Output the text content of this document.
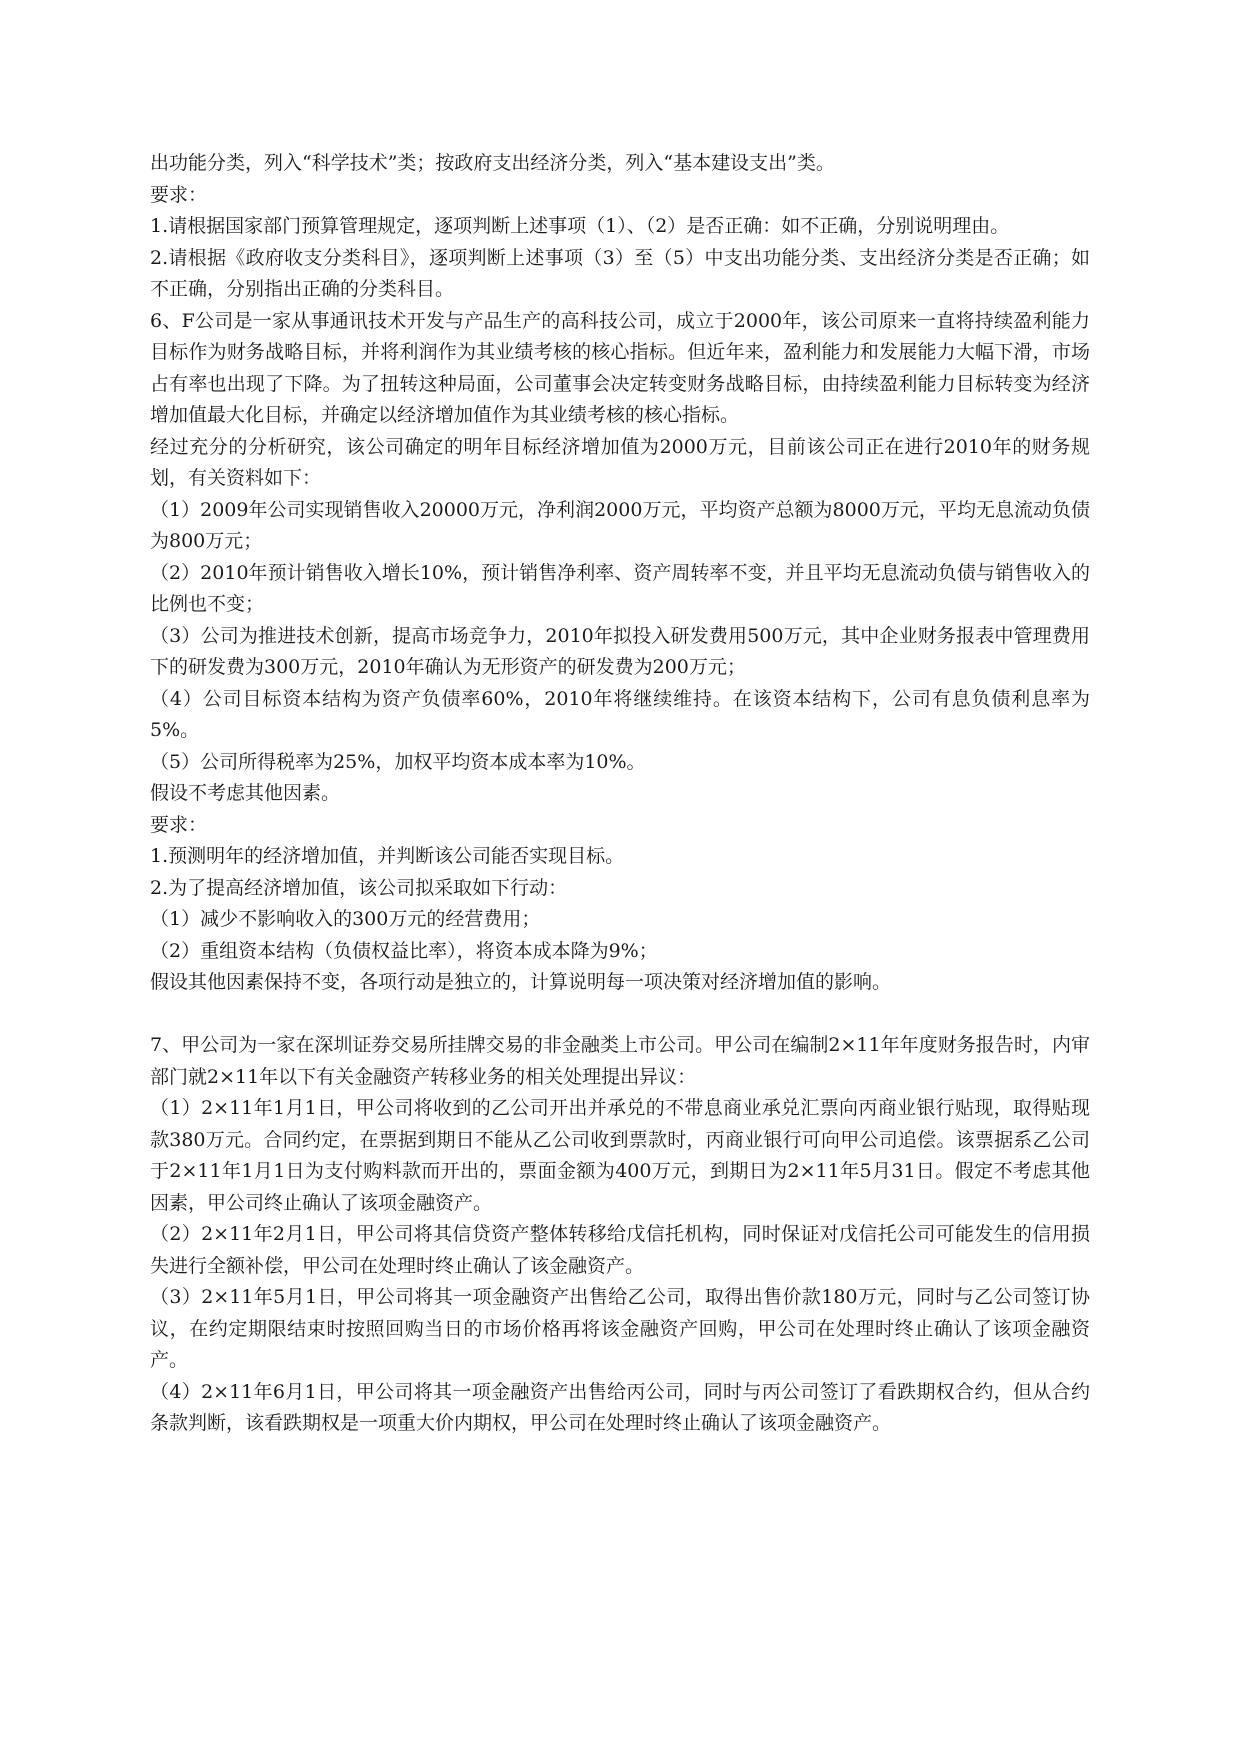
出功能分类，列入“科学技术”类；按政府支出经济分类，列入“基本建设支出”类。

要求：

1.请根据国家部门预算管理规定，逐项判断上述事项（1）、（2）是否正确：如不正确，分别说明理由。

2.请根据《政府收支分类科目》，逐项判断上述事项（3）至（5）中支出功能分类、支出经济分类是否正确；如不正确，分别指出正确的分类科目。

6、F公司是一家从事通讯技术开发与产品生产的高科技公司，成立于2000年，该公司原来一直将持续盈利能力目标作为财务战略目标，并将利润作为其业绩考核的核心指标。但近年来，盈利能力和发展能力大幅下滑，市场占有率也出现了下降。为了扭转这种局面，公司董事会决定转变财务战略目标，由持续盈利能力目标转变为经济增加值最大化目标，并确定以经济增加值作为其业绩考核的核心指标。

经过充分的分析研究，该公司确定的明年目标经济增加值为2000万元，目前该公司正在进行2010年的财务规划，有关资料如下：

（1）2009年公司实现销售收入20000万元，净利润2000万元，平均资产总额为8000万元，平均无息流动负债为800万元；

（2）2010年预计销售收入增长10%，预计销售净利率、资产周转率不变，并且平均无息流动负债与销售收入的比例也不变；

（3）公司为推进技术创新，提高市场竞争力，2010年拟投入研发费用500万元，其中企业财务报表中管理费用下的研发费为300万元，2010年确认为无形资产的研发费为200万元；

（4）公司目标资本结构为资产负债率60%，2010年将继续维持。在该资本结构下，公司有息负债利息率为5%。

（5）公司所得税率为25%，加权平均资本成本率为10%。

假设不考虑其他因素。

要求：

1.预测明年的经济增加值，并判断该公司能否实现目标。

2.为了提高经济增加值，该公司拟采取如下行动：

（1）减少不影响收入的300万元的经营费用；

（2）重组资本结构（负债权益比率），将资本成本降为9%；

假设其他因素保持不变，各项行动是独立的，计算说明每一项决策对经济增加值的影响。

7、甲公司为一家在深圳证券交易所挂牌交易的非金融类上市公司。甲公司在编制2×11年年度财务报告时，内审部门就2×11年以下有关金融资产转移业务的相关处理提出异议：

（1）2×11年1月1日，甲公司将收到的乙公司开出并承兑的不带息商业承兑汇票向丙商业银行贴现，取得贴现款380万元。合同约定，在票据到期日不能从乙公司收到票款时，丙商业银行可向甲公司追偿。该票据系乙公司于2×11年1月1日为支付购料款而开出的，票面金额为400万元，到期日为2×11年5月31日。假定不考虑其他因素，甲公司终止确认了该项金融资产。

（2）2×11年2月1日，甲公司将其信贷资产整体转移给戊信托机构，同时保证对戊信托公司可能发生的信用损失进行全额补偿，甲公司在处理时终止确认了该金融资产。

（3）2×11年5月1日，甲公司将其一项金融资产出售给乙公司，取得出售价款180万元，同时与乙公司签订协议，在约定期限结束时按照回购当日的市场价格再将该金融资产回购，甲公司在处理时终止确认了该项金融资产。

（4）2×11年6月1日，甲公司将其一项金融资产出售给丙公司，同时与丙公司签订了看跌期权合约，但从合约条款判断，该看跌期权是一项重大价内期权，甲公司在处理时终止确认了该项金融资产。
